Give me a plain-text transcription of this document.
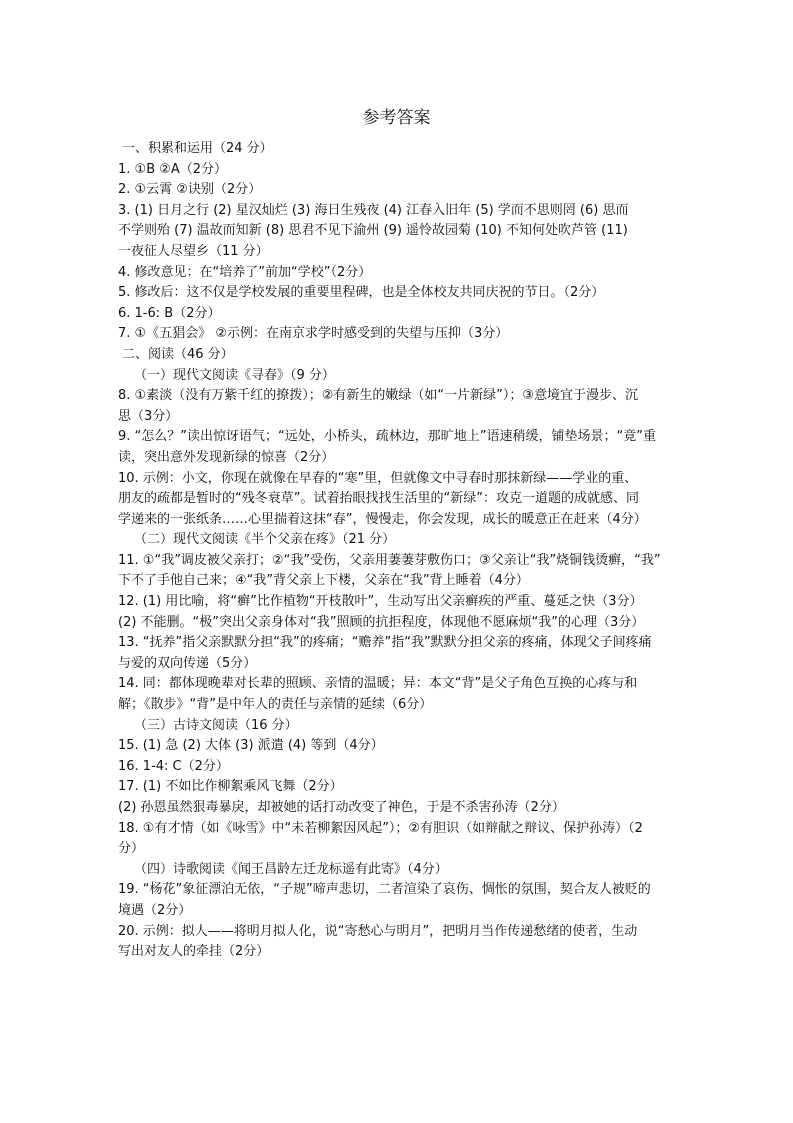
参考答案

一、积累和运用（24 分）

1. ①B ②A（2分）

2. ①云霄 ②诀别（2分）

3. (1) 日月之行 (2) 星汉灿烂 (3) 海日生残夜 (4) 江春入旧年 (5) 学而不思则罔 (6) 思而

不学则殆 (7) 温故而知新 (8) 思君不见下渝州 (9) 遥怜故园菊 (10) 不知何处吹芦管 (11)

一夜征人尽望乡（11 分）

4. 修改意见：在“培养了”前加“学校”（2分）

5. 修改后：这不仅是学校发展的重要里程碑，也是全体校友共同庆祝的节日。（2分）

6. 1-6: B（2分）

7. ①《五猖会》 ②示例：在南京求学时感受到的失望与压抑（3分）

二、阅读（46 分）

（一）现代文阅读《寻春》（9 分）

8. ①素淡（没有万紫千红的撩拨）；②有新生的嫩绿（如“一片新绿”）；③意境宜于漫步、沉

思（3分）

9. “怎么？”读出惊讶语气；“远处，小桥头，疏林边，那旷地上”语速稍缓，铺垫场景；“竟”重

读，突出意外发现新绿的惊喜（2分）

10. 示例：小文，你现在就像在早春的“寒”里，但就像文中寻春时那抹新绿——学业的重、

朋友的疏都是暂时的“残冬衰草”。试着抬眼找找生活里的“新绿”：攻克一道题的成就感、同

学递来的一张纸条……心里揣着这抹“春”，慢慢走，你会发现，成长的暖意正在赶来（4分）

（二）现代文阅读《半个父亲在疼》（21 分）

11. ①“我”调皮被父亲打；②“我”受伤，父亲用萋萋芽敷伤口；③父亲让“我”烧铜钱烫癣，“我”

下不了手他自己来；④“我”背父亲上下楼，父亲在“我”背上睡着（4分）

12. (1) 用比喻，将“癣”比作植物“开枝散叶”，生动写出父亲癣疾的严重、蔓延之快（3分）

(2) 不能删。“极”突出父亲身体对“我”照顾的抗拒程度，体现他不愿麻烦“我”的心理（3分）

13. “抚养”指父亲默默分担“我”的疼痛；“赡养”指“我”默默分担父亲的疼痛，体现父子间疼痛

与爱的双向传递（5分）

14. 同：都体现晚辈对长辈的照顾、亲情的温暖；异：本文“背”是父子角色互换的心疼与和

解；《散步》“背”是中年人的责任与亲情的延续（6分）

（三）古诗文阅读（16 分）

15. (1) 急 (2) 大体 (3) 派遣 (4) 等到（4分）

16. 1-4: C（2分）

17. (1) 不如比作柳絮乘风飞舞（2分）

(2) 孙恩虽然狠毒暴戾，却被她的话打动改变了神色，于是不杀害孙涛（2分）

18. ①有才情（如《咏雪》中“未若柳絮因风起”）；②有胆识（如辩献之辩议、保护孙涛）（2

分）

（四）诗歌阅读《闻王昌龄左迁龙标遥有此寄》（4分）

19. “杨花”象征漂泊无依，“子规”啼声悲切，二者渲染了哀伤、惆怅的氛围，契合友人被贬的

境遇（2分）

20. 示例：拟人——将明月拟人化，说“寄愁心与明月”，把明月当作传递愁绪的使者，生动

写出对友人的牵挂（2分）
